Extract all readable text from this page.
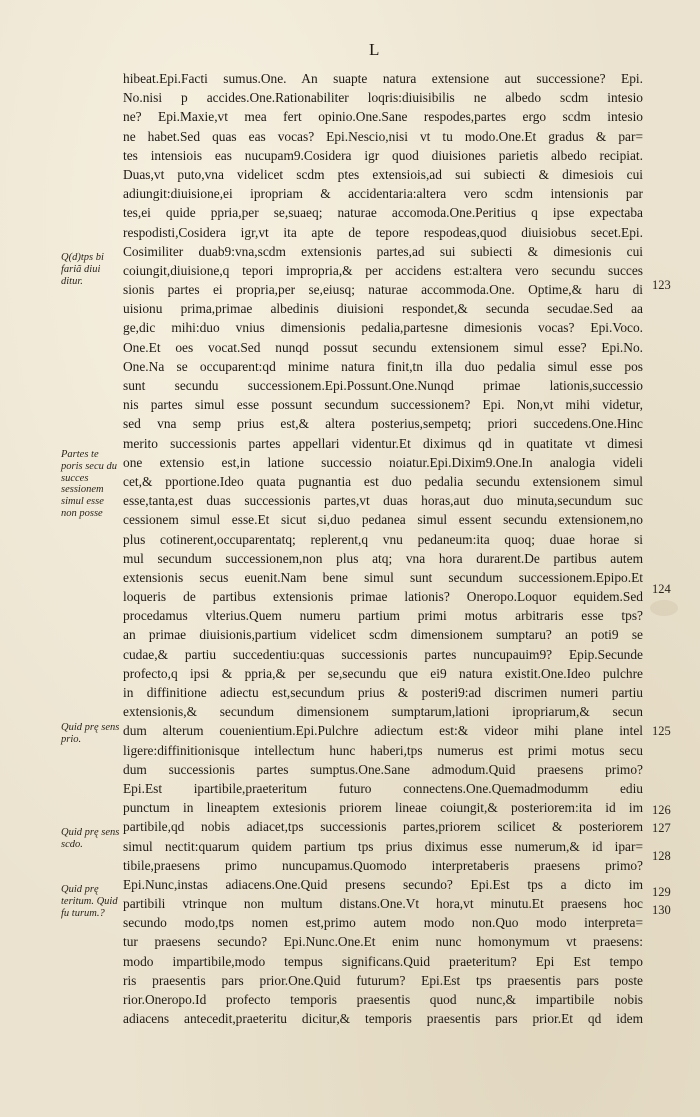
L
hibeat.Epi.Facti sumus.One. An suapte natura extensione aut successione? Epi.
No.nisi p accides.One.Rationabiliter loqris:diuisibilis ne albedo scdm intesio
ne? Epi.Maxie,vt mea fert opinio.One.Sane respodes,partes ergo scdm intesio
ne habet.Sed quas eas vocas? Epi.Nescio,nisi vt tu modo.One.Et gradus & par=
tes intensiois eas nucupam9.Cosidera igr quod diuisiones parietis albedo recipiat.
Duas,vt puto,vna videlicet scdm ptes extensiois,ad sui subiecti & dimesiois cui
adiungit:diuisione,ei ipropriam & accidentaria:altera vero scdm intensionis par
tes,ei quide ppria,per se,suaeq; naturae accomoda.One.Peritius q ipse expectaba
respodisti,Cosidera igr,vt ita apte de tepore respodeas,quod diuisiobus secet.Epi.
Cosimiliter duab9:vna,scdm extensionis partes,ad sui subiecti & dimesionis cui
coiungit,diuisione,q tepori impropria,& per accidens est:altera vero secundu succes
sionis partes ei propria,per se,eiusq; naturae accommoda.One. Optime,& haru di
uisionu prima,primae albedinis diuisioni respondet,& secunda secudae.Sed aa
ge,dic mihi:duo vnius dimensionis pedalia,partesne dimesionis vocas? Epi.Voco.
One.Et oes vocat.Sed nunqd possut secundu extensionem simul esse? Epi.No.
One.Na se occuparent:qd minime natura finit,tn illa duo pedalia simul esse pos
sunt secundu successionem.Epi.Possunt.One.Nunqd primae lationis,successio
nis partes simul esse possunt secundum successionem? Epi. Non,vt mihi videtur,
sed vna semp prius est,& altera posterius,sempetq; priori succedens.One.Hinc
merito successionis partes appellari videntur.Et diximus qd in quatitate vt dimesi
one extensio est,in latione successio noiatur.Epi.Dixim9.One.In analogia videli
cet,& pportione.Ideo quata pugnantia est duo pedalia secundu extensionem simul
esse,tanta,est duas successionis partes,vt duas horas,aut duo minuta,secundum suc
cessionem simul esse.Et sicut si,duo pedanea simul essent secundu extensionem,no
plus cotinerent,occuparentatq; replerent,q vnu pedaneum:ita quoq; duae horae si
mul secundum successionem,non plus atq; vna hora durarent.De partibus autem
extensionis secus euenit.Nam bene simul sunt secundum successionem.Epipo.Et
loqueris de partibus extensionis primae lationis? Oneropo.Loquor equidem.Sed
procedamus vlterius.Quem numeru partium primi motus arbitraris esse tps?
an primae diuisionis,partium videlicet scdm dimensionem sumptaru? an poti9 se
cudae,& partiu succedentiu:quas successionis partes nuncupauim9? Epip.Secunde
profecto,q ipsi & ppria,& per se,secundu que ei9 natura existit.One.Ideo pulchre
in diffinitione adiectu est,secundum prius & posteri9:ad discrimen numeri partiu
extensionis,& secundum dimensionem sumptarum,lationi ipropriarum,& secun
dum alterum couenientium.Epi.Pulchre adiectum est:& videor mihi plane intel
ligere:diffinitionisque intellectum hunc haberi,tps numerus est primi motus secu
dum successionis partes sumptus.One.Sane admodum.Quid praesens primo?
Epi.Est ipartibile,praeteritum futuro connectens.One.Quemadmodumm ediu
punctum in lineaptem extesionis priorem lineae coiungit,& posteriorem:ita id im
partibile,qd nobis adiacet,tps successionis partes,priorem scilicet & posteriorem
simul nectit:quarum quidem partium tps prius diximus esse numerum,& id ipar=
tibile,praesens primo nuncupamus.Quomodo interpretaberis praesens primo?
Epi.Nunc,instas adiacens.One.Quid presens secundo? Epi.Est tps a dicto im
partibili vtrinque non multum distans.One.Vt hora,vt minutu.Et praesens hoc
secundo modo,tps nomen est,primo autem modo non.Quo modo interpreta=
tur praesens secundo? Epi.Nunc.One.Et enim nunc homonymum vt praesens:
modo impartibile,modo tempus significans.Quid praeteritum? Epi Est tempo
ris praesentis pars prior.One.Quid futurum? Epi.Est tps praesentis pars poste
rior.Oneropo.Id profecto temporis praesentis quod nunc,& impartibile nobis
adiacens antecedit,praeteritu dicitur,& temporis praesentis pars prior.Et qd idem
Q(d)tps bi fariã diui ditur.
Partes te poris secu du succes sessionem simul esse non posse
Quid prę sens prio.
Quid prę sens scdo.
Quid prę teritum. Quid fu turum.?
123
124
125
126
127
128
129
130
